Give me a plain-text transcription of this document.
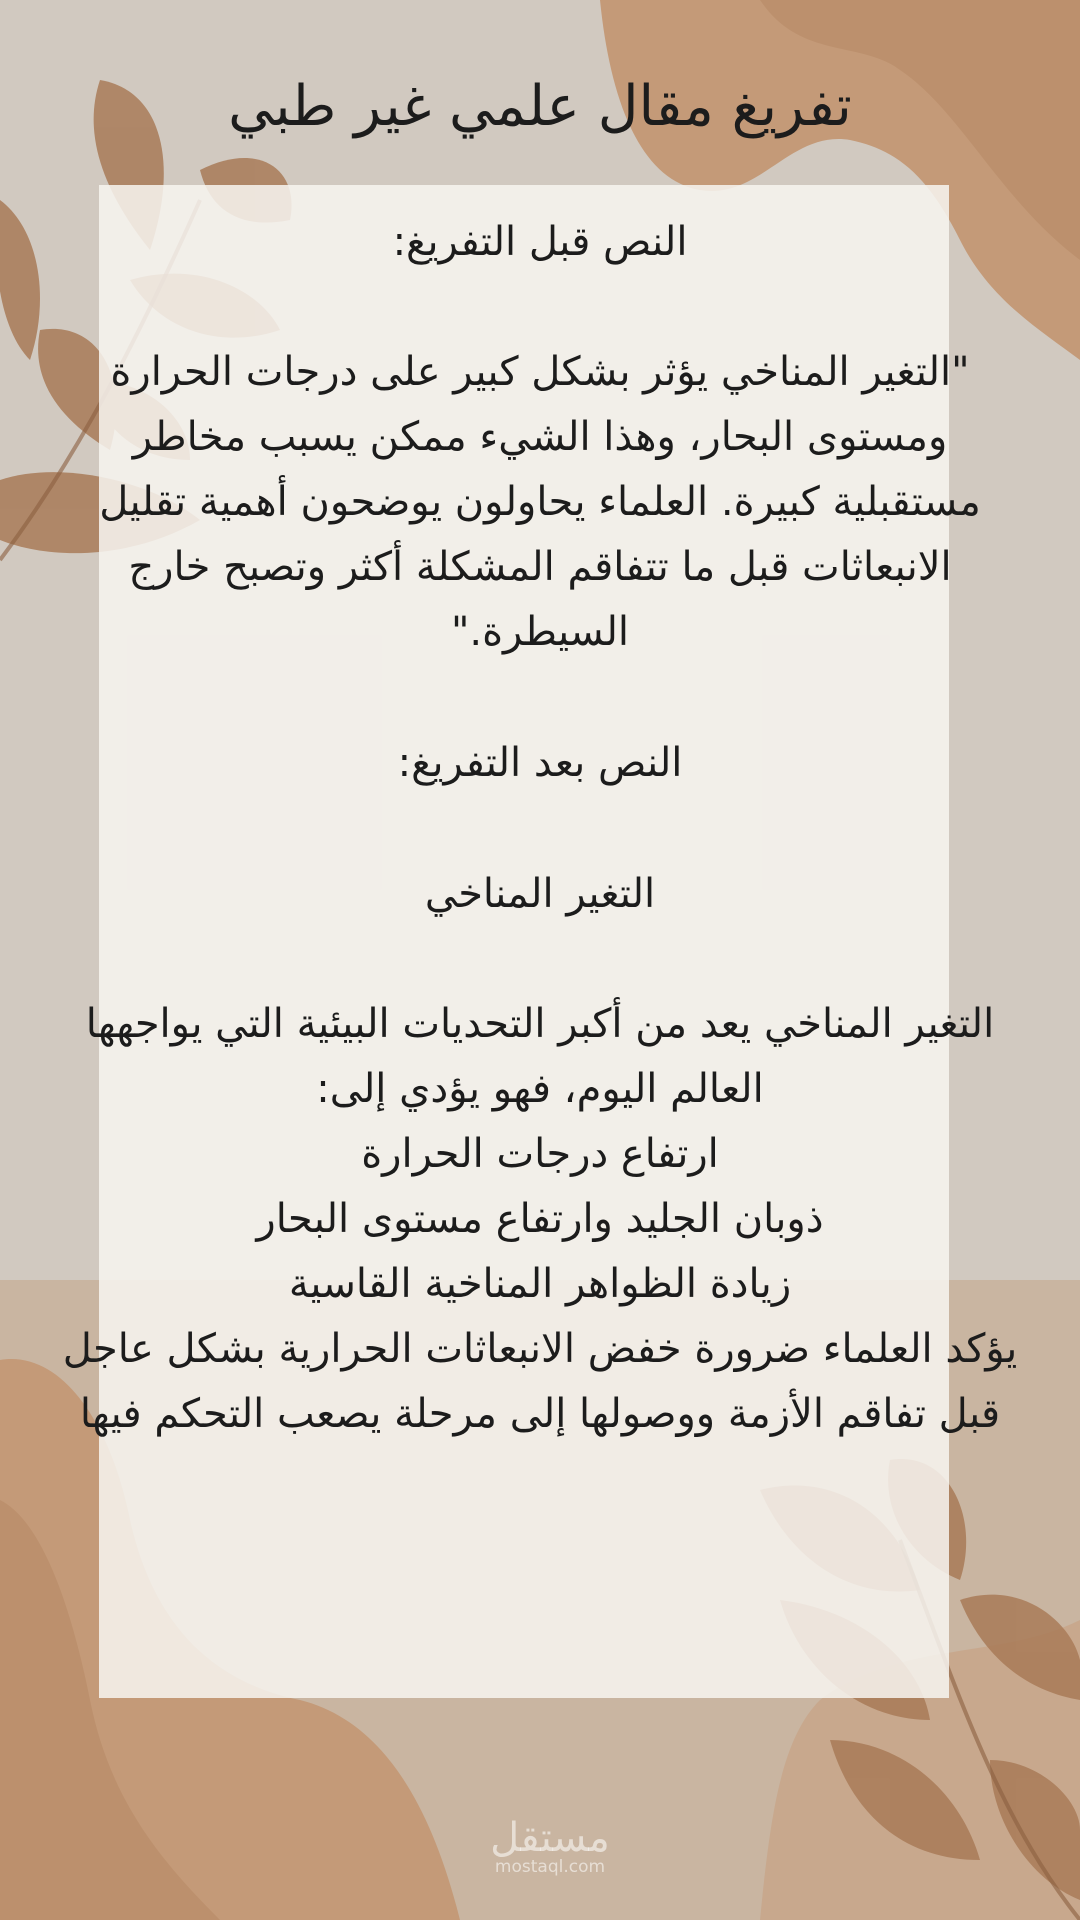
تفريغ مقال علمي غير طبي

النص قبل التفريغ:

"التغير المناخي يؤثر بشكل كبير على درجات الحرارة

ومستوى البحار، وهذا الشيء ممكن يسبب مخاطر

مستقبلية كبيرة. العلماء يحاولون يوضحون أهمية تقليل

الانبعاثات قبل ما تتفاقم المشكلة أكثر وتصبح خارج

السيطرة."

النص بعد التفريغ:

التغير المناخي

التغير المناخي يعد من أكبر التحديات البيئية التي يواجهها

العالم اليوم، فهو يؤدي إلى:

ارتفاع درجات الحرارة

ذوبان الجليد وارتفاع مستوى البحار

زيادة الظواهر المناخية القاسية

يؤكد العلماء ضرورة خفض الانبعاثات الحرارية بشكل عاجل

قبل تفاقم الأزمة ووصولها إلى مرحلة يصعب التحكم فيها

مستقل
mostaql.com
